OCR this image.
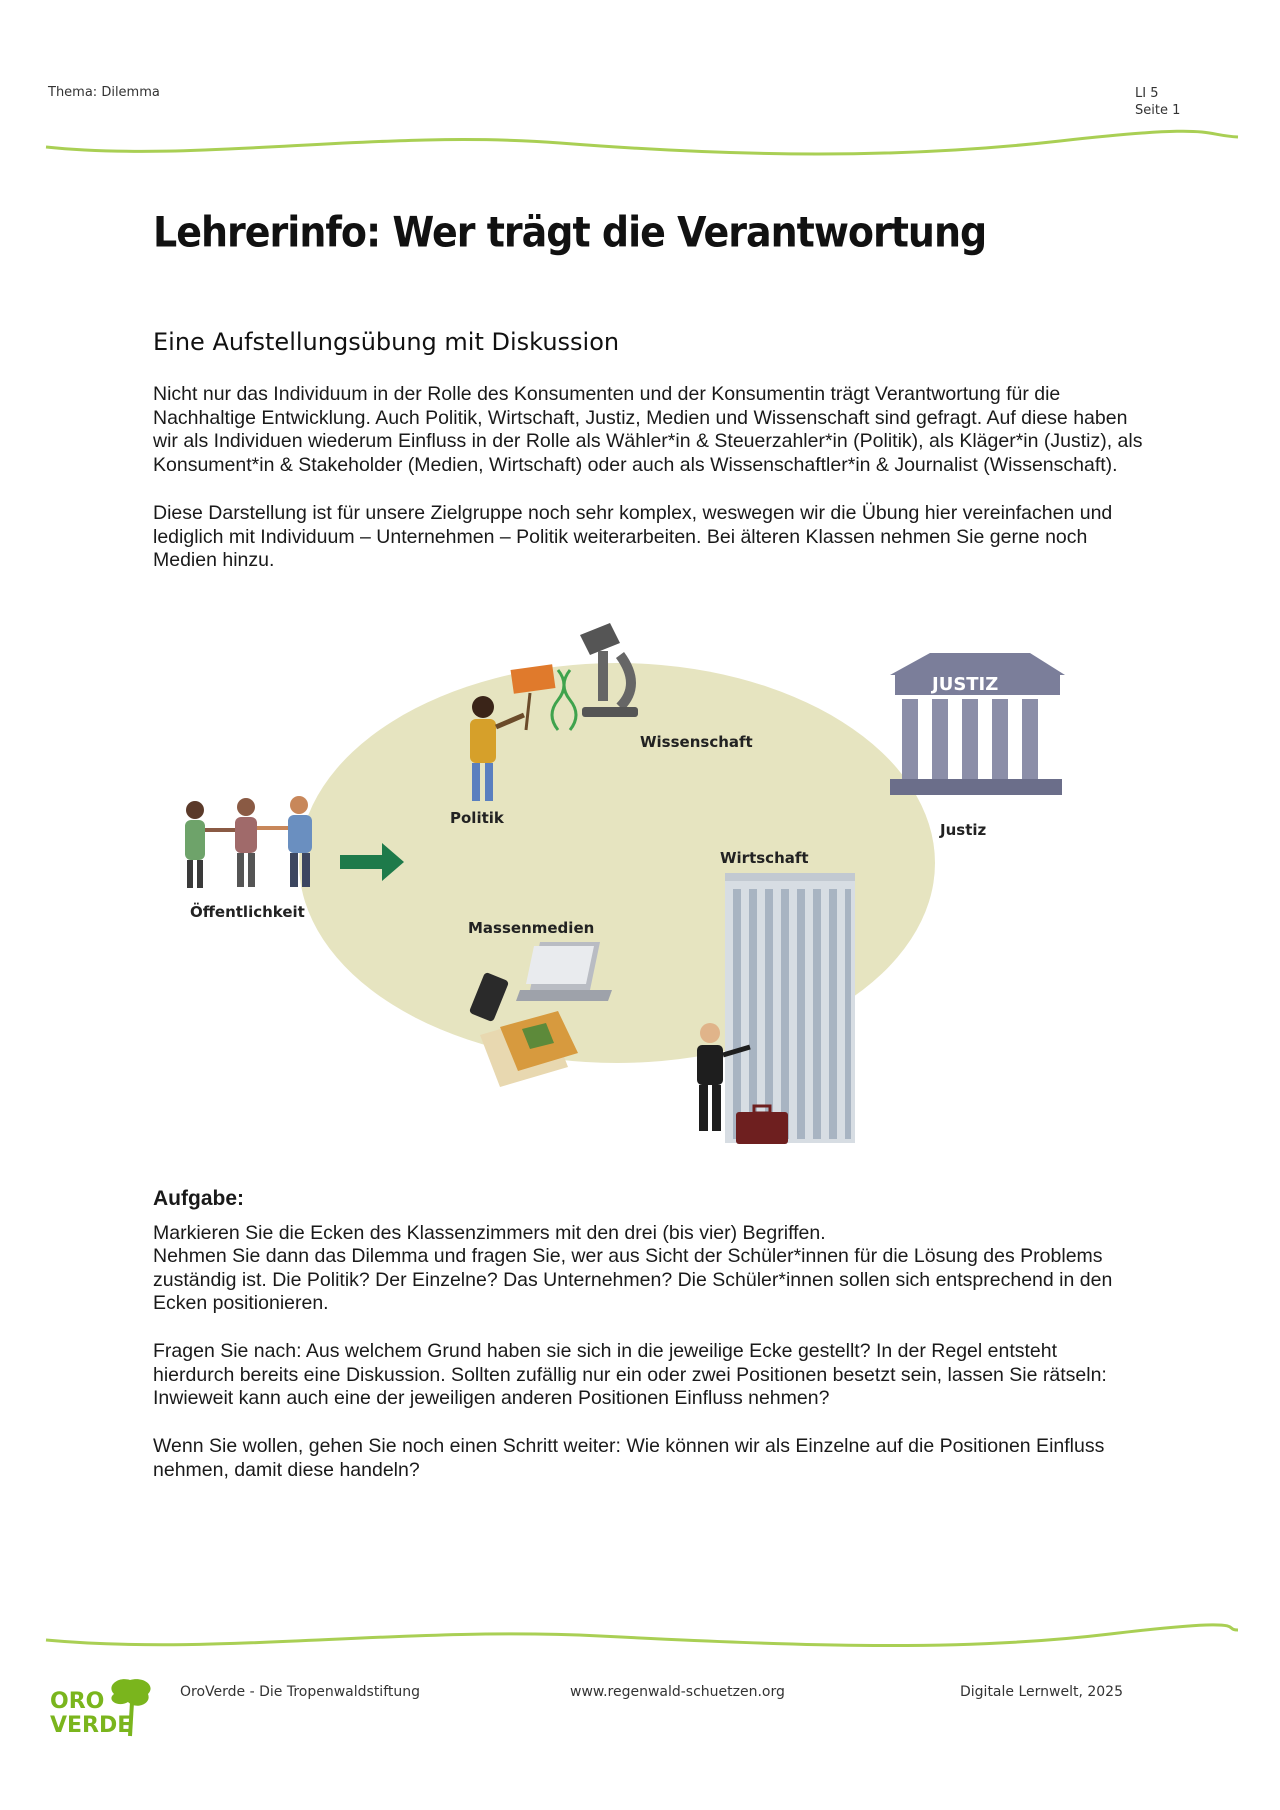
Thema: Dilemma	LI 5
Seite 1
Lehrerinfo: Wer trägt die Verantwortung
Eine Aufstellungsübung mit Diskussion

Nicht nur das Individuum in der Rolle des Konsumenten und der Konsumentin trägt Verantwortung für die Nachhaltige Entwicklung. Auch Politik, Wirtschaft, Justiz, Medien und Wissenschaft sind gefragt. Auf diese haben wir als Individuen wiederum Einfluss in der Rolle als Wähler*in & Steuerzahler*in (Politik), als Kläger*in (Justiz), als Konsument*in & Stakeholder (Medien, Wirtschaft) oder auch als Wissenschaftler*in & Journalist (Wissenschaft).

Diese Darstellung ist für unsere Zielgruppe noch sehr komplex, weswegen wir die Übung hier vereinfachen und lediglich mit Individuum – Unternehmen – Politik weiterarbeiten. Bei älteren Klassen nehmen Sie gerne noch Medien hinzu.

Öffentlichkeit
Politik
Wissenschaft
JUSTIZ
Justiz
Wirtschaft
Massenmedien
Aufgabe:

Markieren Sie die Ecken des Klassenzimmers mit den drei (bis vier) Begriffen.

Nehmen Sie dann das Dilemma und fragen Sie, wer aus Sicht der Schüler*innen für die Lösung des Problems zuständig ist. Die Politik? Der Einzelne? Das Unternehmen? Die Schüler*innen sollen sich entsprechend in den Ecken positionieren.

Fragen Sie nach: Aus welchem Grund haben sie sich in die jeweilige Ecke gestellt? In der Regel entsteht hierdurch bereits eine Diskussion. Sollten zufällig nur ein oder zwei Positionen besetzt sein, lassen Sie rätseln: Inwieweit kann auch eine der jeweiligen anderen Positionen Einfluss nehmen?

Wenn Sie wollen, gehen Sie noch einen Schritt weiter: Wie können wir als Einzelne auf die Positionen Einfluss nehmen, damit diese handeln?

ORO
VERDE
OroVerde - Die Tropenwaldstiftung	www.regenwald-schuetzen.org	Digitale Lernwelt, 2025
